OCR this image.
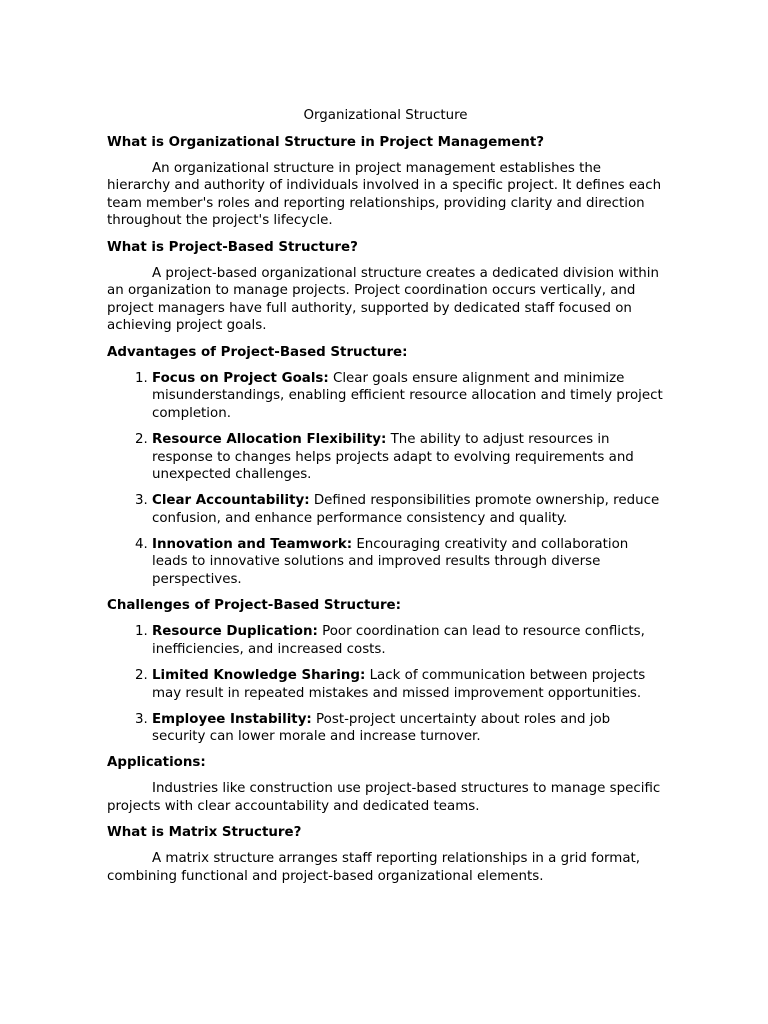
Organizational Structure
What is Organizational Structure in Project Management?

An organizational structure in project management establishes the hierarchy and authority of individuals involved in a specific project. It defines each team member's roles and reporting relationships, providing clarity and direction throughout the project's lifecycle.

What is Project-Based Structure?

A project-based organizational structure creates a dedicated division within an organization to manage projects. Project coordination occurs vertically, and project managers have full authority, supported by dedicated staff focused on achieving project goals.

Advantages of Project-Based Structure:
1. Focus on Project Goals: Clear goals ensure alignment and minimize misunderstandings, enabling efficient resource allocation and timely project completion.
2. Resource Allocation Flexibility: The ability to adjust resources in response to changes helps projects adapt to evolving requirements and unexpected challenges.
3. Clear Accountability: Defined responsibilities promote ownership, reduce confusion, and enhance performance consistency and quality.
4. Innovation and Teamwork: Encouraging creativity and collaboration leads to innovative solutions and improved results through diverse perspectives.
Challenges of Project-Based Structure:
1. Resource Duplication: Poor coordination can lead to resource conflicts, inefficiencies, and increased costs.
2. Limited Knowledge Sharing: Lack of communication between projects may result in repeated mistakes and missed improvement opportunities.
3. Employee Instability: Post-project uncertainty about roles and job security can lower morale and increase turnover.
Applications:

Industries like construction use project-based structures to manage specific projects with clear accountability and dedicated teams.

What is Matrix Structure?

A matrix structure arranges staff reporting relationships in a grid format, combining functional and project-based organizational elements.
